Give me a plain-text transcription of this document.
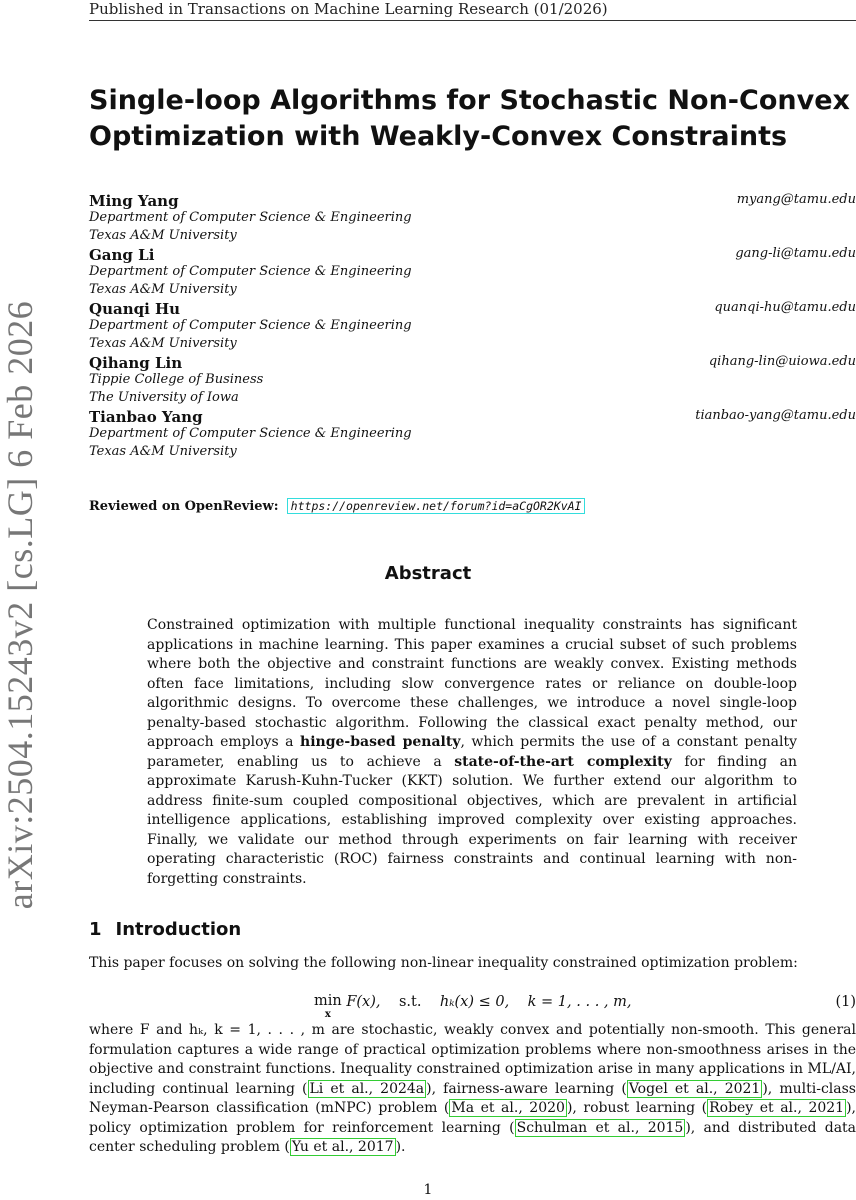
Published in Transactions on Machine Learning Research (01/2026)
arXiv:2504.15243v2 [cs.LG] 6 Feb 2026
Single-loop Algorithms for Stochastic Non-Convex Optimization with Weakly-Convex Constraints
Ming Yang	myang@tamu.edu
Department of Computer Science & Engineering
Texas A&M University
Gang Li	gang-li@tamu.edu
Department of Computer Science & Engineering
Texas A&M University
Quanqi Hu	quanqi-hu@tamu.edu
Department of Computer Science & Engineering
Texas A&M University
Qihang Lin	qihang-lin@uiowa.edu
Tippie College of Business
The University of Iowa
Tianbao Yang	tianbao-yang@tamu.edu
Department of Computer Science & Engineering
Texas A&M University
Reviewed on OpenReview: https://openreview.net/forum?id=aCgOR2KvAI
Abstract

Constrained optimization with multiple functional inequality constraints has significant applications in machine learning. This paper examines a crucial subset of such problems where both the objective and constraint functions are weakly convex. Existing methods often face limitations, including slow convergence rates or reliance on double-loop algorithmic designs. To overcome these challenges, we introduce a novel single-loop penalty-based stochastic algorithm. Following the classical exact penalty method, our approach employs a hinge-based penalty, which permits the use of a constant penalty parameter, enabling us to achieve a state-of-the-art complexity for finding an approximate Karush-Kuhn-Tucker (KKT) solution. We further extend our algorithm to address finite-sum coupled compositional objectives, which are prevalent in artificial intelligence applications, establishing improved complexity over existing approaches. Finally, we validate our method through experiments on fair learning with receiver operating characteristic (ROC) fairness constraints and continual learning with non-forgetting constraints.

1 Introduction

This paper focuses on solving the following non-linear inequality constrained optimization problem:

min
x
F(x), s.t. hₖ(x) ≤ 0, k = 1, . . . , m,	(1)

where F and hₖ, k = 1, . . . , m are stochastic, weakly convex and potentially non-smooth. This general formulation captures a wide range of practical optimization problems where non-smoothness arises in the objective and constraint functions. Inequality constrained optimization arise in many applications in ML/AI, including continual learning ( Li et al., 2024a ), fairness-aware learning ( Vogel et al., 2021 ), multi-class Neyman-Pearson classification (mNPC) problem ( Ma et al., 2020 ), robust learning ( Robey et al., 2021 ), policy optimization problem for reinforcement learning ( Schulman et al., 2015 ), and distributed data center scheduling problem ( Yu et al., 2017 ).

1
